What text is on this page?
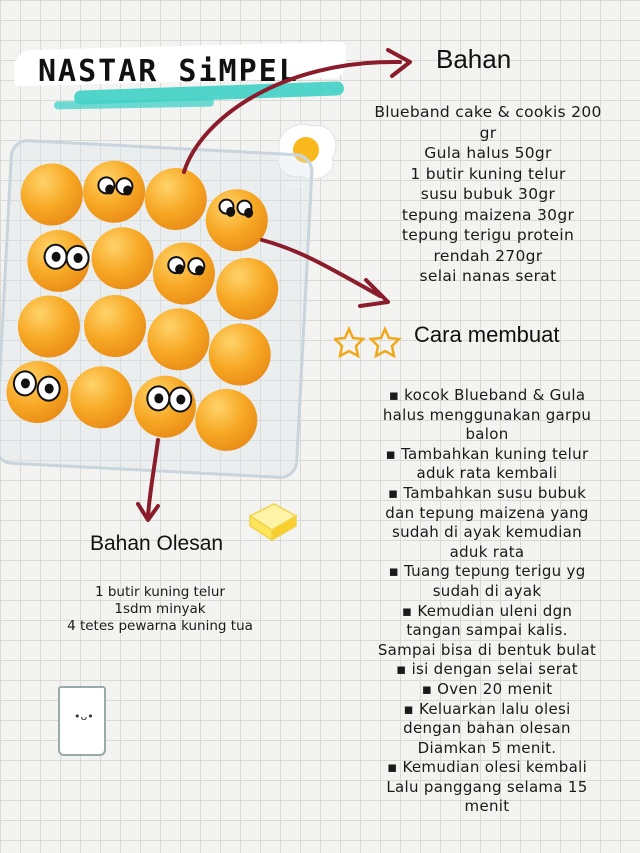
NASTAR SiMPEL
EGG
Bahan
Blueband cake & cookis 200
gr
Gula halus 50gr
1 butir kuning telur
susu bubuk 30gr
tepung maizena 30gr
tepung terigu protein
rendah 270gr
selai nanas serat
Cara membuat
▪ kocok Blueband & Gula
halus menggunakan garpu
balon
▪ Tambahkan kuning telur
aduk rata kembali
▪ Tambahkan susu bubuk
dan tepung maizena yang
sudah di ayak kemudian
aduk rata
▪ Tuang tepung terigu yg
sudah di ayak
▪ Kemudian uleni dgn
tangan sampai kalis.
Sampai bisa di bentuk bulat
▪ isi dengan selai serat
▪ Oven 20 menit
▪ Keluarkan lalu olesi
dengan bahan olesan
Diamkan 5 menit.
▪ Kemudian olesi kembali
Lalu panggang selama 15
menit
Bahan Olesan
1 butir kuning telur
1sdm minyak
4 tetes pewarna kuning tua
•ᴗ•
